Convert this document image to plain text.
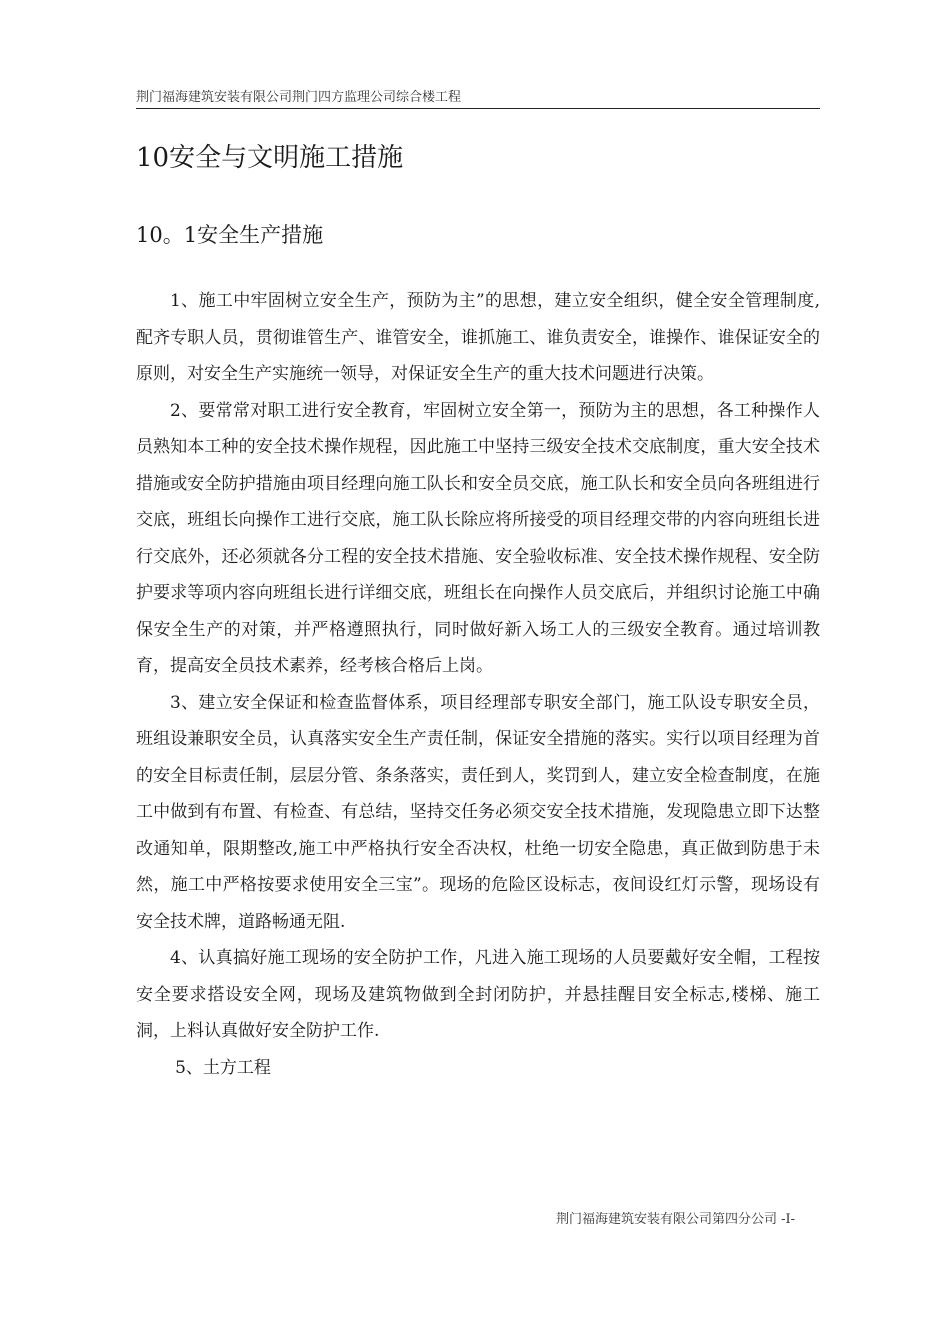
荆门福海建筑安装有限公司荆门四方监理公司综合楼工程
10安全与文明施工措施
10。1安全生产措施

1、施工中牢固树立安全生产，预防为主”的思想，建立安全组织，健全安全管理制度,配齐专职人员，贯彻谁管生产、谁管安全，谁抓施工、谁负责安全，谁操作、谁保证安全的原则，对安全生产实施统一领导，对保证安全生产的重大技术问题进行决策。

2、要常常对职工进行安全教育，牢固树立安全第一，预防为主的思想，各工种操作人员熟知本工种的安全技术操作规程，因此施工中坚持三级安全技术交底制度，重大安全技术措施或安全防护措施由项目经理向施工队长和安全员交底，施工队长和安全员向各班组进行交底，班组长向操作工进行交底，施工队长除应将所接受的项目经理交带的内容向班组长进行交底外，还必须就各分工程的安全技术措施、安全验收标准、安全技术操作规程、安全防护要求等项内容向班组长进行详细交底，班组长在向操作人员交底后，并组织讨论施工中确保安全生产的对策，并严格遵照执行，同时做好新入场工人的三级安全教育。通过培训教育，提高安全员技术素养，经考核合格后上岗。

3、建立安全保证和检查监督体系，项目经理部专职安全部门，施工队设专职安全员，班组设兼职安全员，认真落实安全生产责任制，保证安全措施的落实。实行以项目经理为首的安全目标责任制，层层分管、条条落实，责任到人，奖罚到人，建立安全检查制度，在施工中做到有布置、有检查、有总结，坚持交任务必须交安全技术措施，发现隐患立即下达整改通知单，限期整改,施工中严格执行安全否决权，杜绝一切安全隐患，真正做到防患于未然，施工中严格按要求使用安全三宝”。现场的危险区设标志，夜间设红灯示警，现场设有安全技术牌，道路畅通无阻.

4、认真搞好施工现场的安全防护工作，凡进入施工现场的人员要戴好安全帽，工程按安全要求搭设安全网，现场及建筑物做到全封闭防护，并悬挂醒目安全标志,楼梯、施工洞，上料认真做好安全防护工作.

5、土方工程

荆门福海建筑安装有限公司第四分公司 -I-
